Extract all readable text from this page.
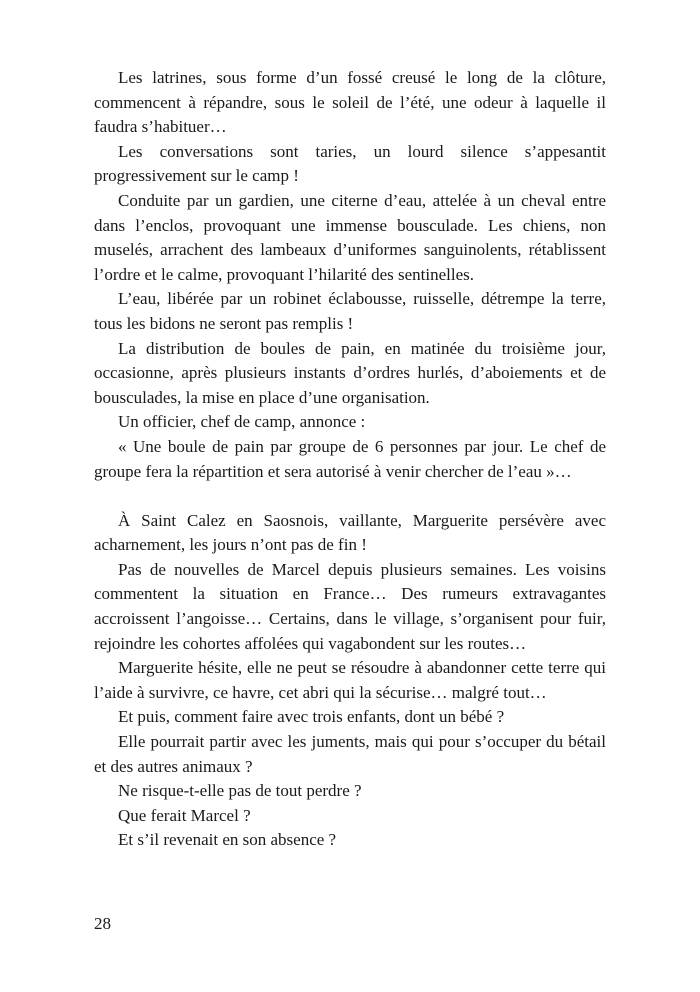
Les latrines, sous forme d’un fossé creusé le long de la clôture, commencent à répandre, sous le soleil de l’été, une odeur à laquelle il faudra s’habituer…

Les conversations sont taries, un lourd silence s’appesantit progressivement sur le camp !

Conduite par un gardien, une citerne d’eau, attelée à un cheval entre dans l’enclos, provoquant une immense bousculade. Les chiens, non muselés, arrachent des lambeaux d’uniformes sanguinolents, rétablissent l’ordre et le calme, provoquant l’hilarité des sentinelles.

L’eau, libérée par un robinet éclabousse, ruisselle, détrempe la terre, tous les bidons ne seront pas remplis !

La distribution de boules de pain, en matinée du troisième jour, occasionne, après plusieurs instants d’ordres hurlés, d’aboiements et de bousculades, la mise en place d’une organisation.

Un officier, chef de camp, annonce :

« Une boule de pain par groupe de 6 personnes par jour. Le chef de groupe fera la répartition et sera autorisé à venir chercher de l’eau »…

À Saint Calez en Saosnois, vaillante, Marguerite persévère avec acharnement, les jours n’ont pas de fin !

Pas de nouvelles de Marcel depuis plusieurs semaines. Les voisins commentent la situation en France… Des rumeurs extravagantes accroissent l’angoisse… Certains, dans le village, s’organisent pour fuir, rejoindre les cohortes affolées qui vagabondent sur les routes…

Marguerite hésite, elle ne peut se résoudre à abandonner cette terre qui l’aide à survivre, ce havre, cet abri qui la sécurise… malgré tout…

Et puis, comment faire avec trois enfants, dont un bébé ?

Elle pourrait partir avec les juments, mais qui pour s’occuper du bétail et des autres animaux ?

Ne risque-t-elle pas de tout perdre ?

Que ferait Marcel ?

Et s’il revenait en son absence ?

28
